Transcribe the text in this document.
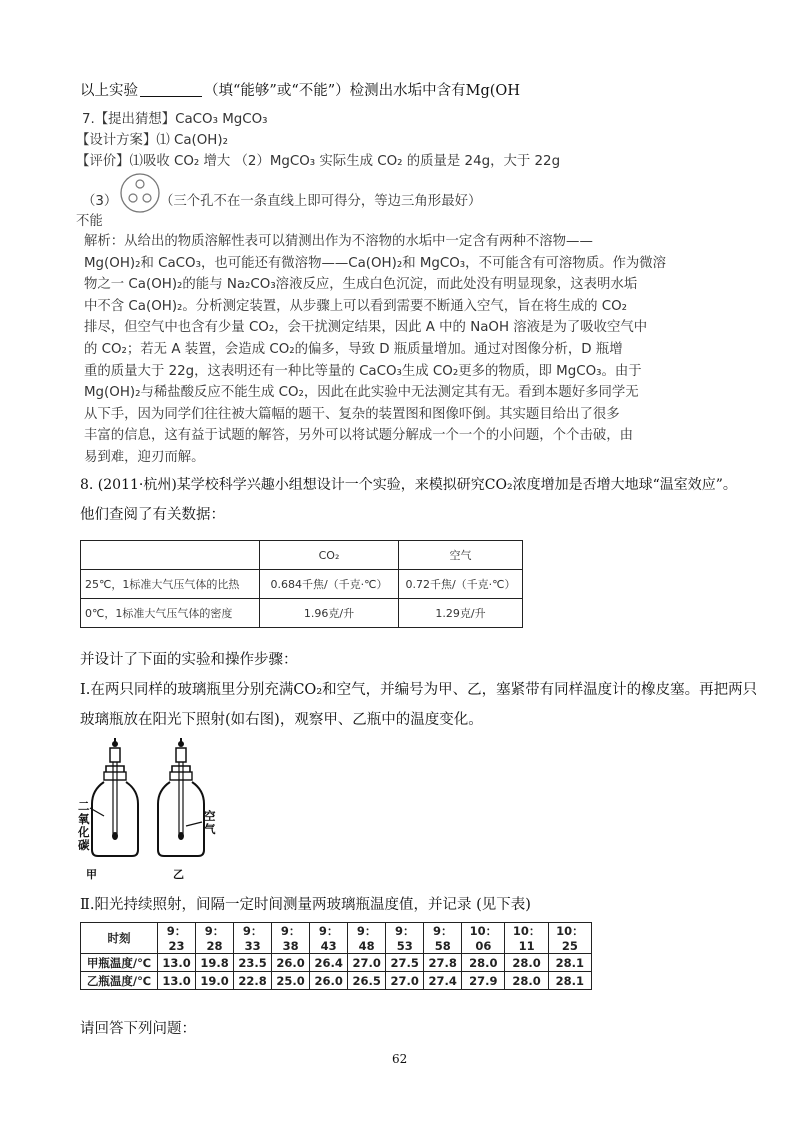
以上实验	（填“能够”或“不能”）检测出水垢中含有Mg(OH
7.【提出猜想】CaCO₃ MgCO₃
【设计方案】⑴ Ca(OH)₂
【评价】⑴吸收 CO₂ 增大 （2）MgCO₃ 实际生成 CO₂ 的质量是 24g，大于 22g
（3）	（三个孔不在一条直线上即可得分，等边三角形最好）
不能
解析：从给出的物质溶解性表可以猜测出作为不溶物的水垢中一定含有两种不溶物——
Mg(OH)₂和 CaCO₃，也可能还有微溶物——Ca(OH)₂和 MgCO₃，不可能含有可溶物质。作为微溶
物之一 Ca(OH)₂的能与 Na₂CO₃溶液反应，生成白色沉淀，而此处没有明显现象，这表明水垢
中不含 Ca(OH)₂。分析测定装置，从步骤上可以看到需要不断通入空气，旨在将生成的 CO₂
排尽，但空气中也含有少量 CO₂，会干扰测定结果，因此 A 中的 NaOH 溶液是为了吸收空气中
的 CO₂；若无 A 装置，会造成 CO₂的偏多，导致 D 瓶质量增加。通过对图像分析，D 瓶增
重的质量大于 22g，这表明还有一种比等量的 CaCO₃生成 CO₂更多的物质，即 MgCO₃。由于
Mg(OH)₂与稀盐酸反应不能生成 CO₂，因此在此实验中无法测定其有无。看到本题好多同学无
从下手，因为同学们往往被大篇幅的题干、复杂的装置图和图像吓倒。其实题目给出了很多
丰富的信息，这有益于试题的解答，另外可以将试题分解成一个一个的小问题，个个击破，由
易到难，迎刃而解。
8. (2011·杭州)某学校科学兴趣小组想设计一个实验，来模拟研究CO₂浓度增加是否增大地球“温室效应”。
他们查阅了有关数据：
	CO₂	空气
25℃，1标准大气压气体的比热	0.684千焦/（千克·℃）	0.72千焦/（千克·℃）
0℃，1标准大气压气体的密度	1.96克/升	1.29克/升
并设计了下面的实验和操作步骤：
Ⅰ.在两只同样的玻璃瓶里分别充满CO₂和空气，并编号为甲、乙，塞紧带有同样温度计的橡皮塞。再把两只
玻璃瓶放在阳光下照射(如右图)，观察甲、乙瓶中的温度变化。
二氧化碳
空气
甲	乙
Ⅱ.阳光持续照射，间隔一定时间测量两玻璃瓶温度值，并记录 (见下表)
时刻	9：23	9：28	9：33	9：38	9：43	9：48	9：53	9：58	10：06	10：11	10：25
甲瓶温度/℃	13.0	19.8	23.5	26.0	26.4	27.0	27.5	27.8	28.0	28.0	28.1
乙瓶温度/℃	13.0	19.0	22.8	25.0	26.0	26.5	27.0	27.4	27.9	28.0	28.1
请回答下列问题：
62
